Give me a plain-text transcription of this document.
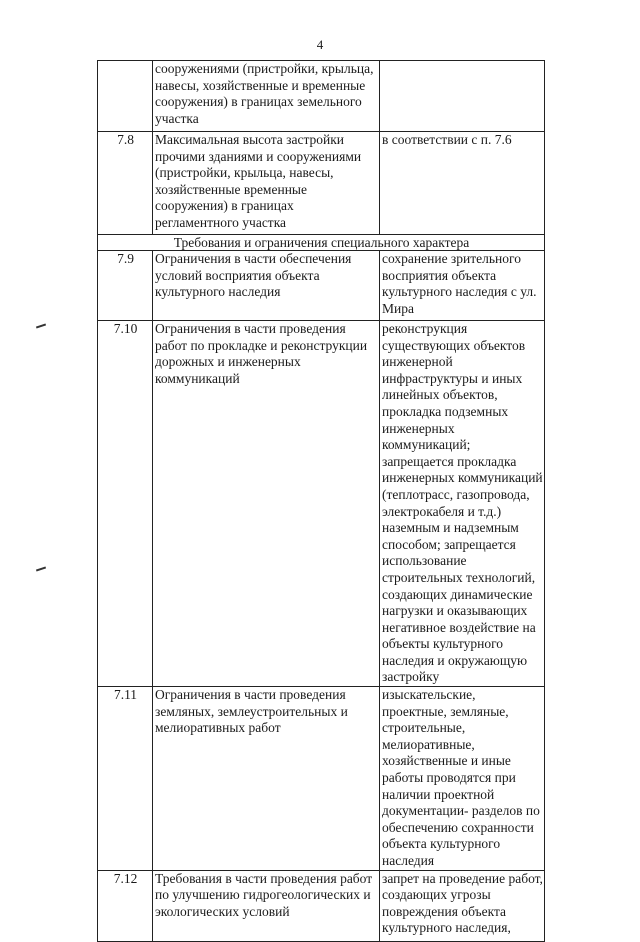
4
	сооружениями (пристройки, крыльца, навесы, хозяйственные и временные сооружения) в границах земельного участка	
7.8	Максимальная высота застройки прочими зданиями и сооружениями (пристройки, крыльца, навесы, хозяйственные временные сооружения) в границах регламентного участка	в соответствии с п. 7.6
Требования и ограничения специального характера		
7.9	Ограничения в части обеспечения условий восприятия объекта культурного наследия	сохранение зрительного восприятия объекта культурного наследия с ул. Мира
7.10	Ограничения в части проведения работ по прокладке и реконструкции дорожных и инженерных коммуникаций	реконструкция существующих объектов инженерной инфраструктуры и иных линейных объектов, прокладка подземных инженерных коммуникаций; запрещается прокладка инженерных коммуникаций (теплотрасс, газопровода, электрокабеля и т.д.) наземным и надземным способом; запрещается использование строительных технологий, создающих динамические нагрузки и оказывающих негативное воздействие на объекты культурного наследия и окружающую застройку
7.11	Ограничения в части проведения земляных, землеустроительных и мелиоративных работ	изыскательские, проектные, земляные, строительные, мелиоративные, хозяйственные и иные работы проводятся при наличии проектной документации- разделов по обеспечению сохранности объекта культурного наследия
7.12	Требования в части проведения работ по улучшению гидрогеологических и экологических условий	запрет на проведение работ, создающих угрозы повреждения объекта культурного наследия,
